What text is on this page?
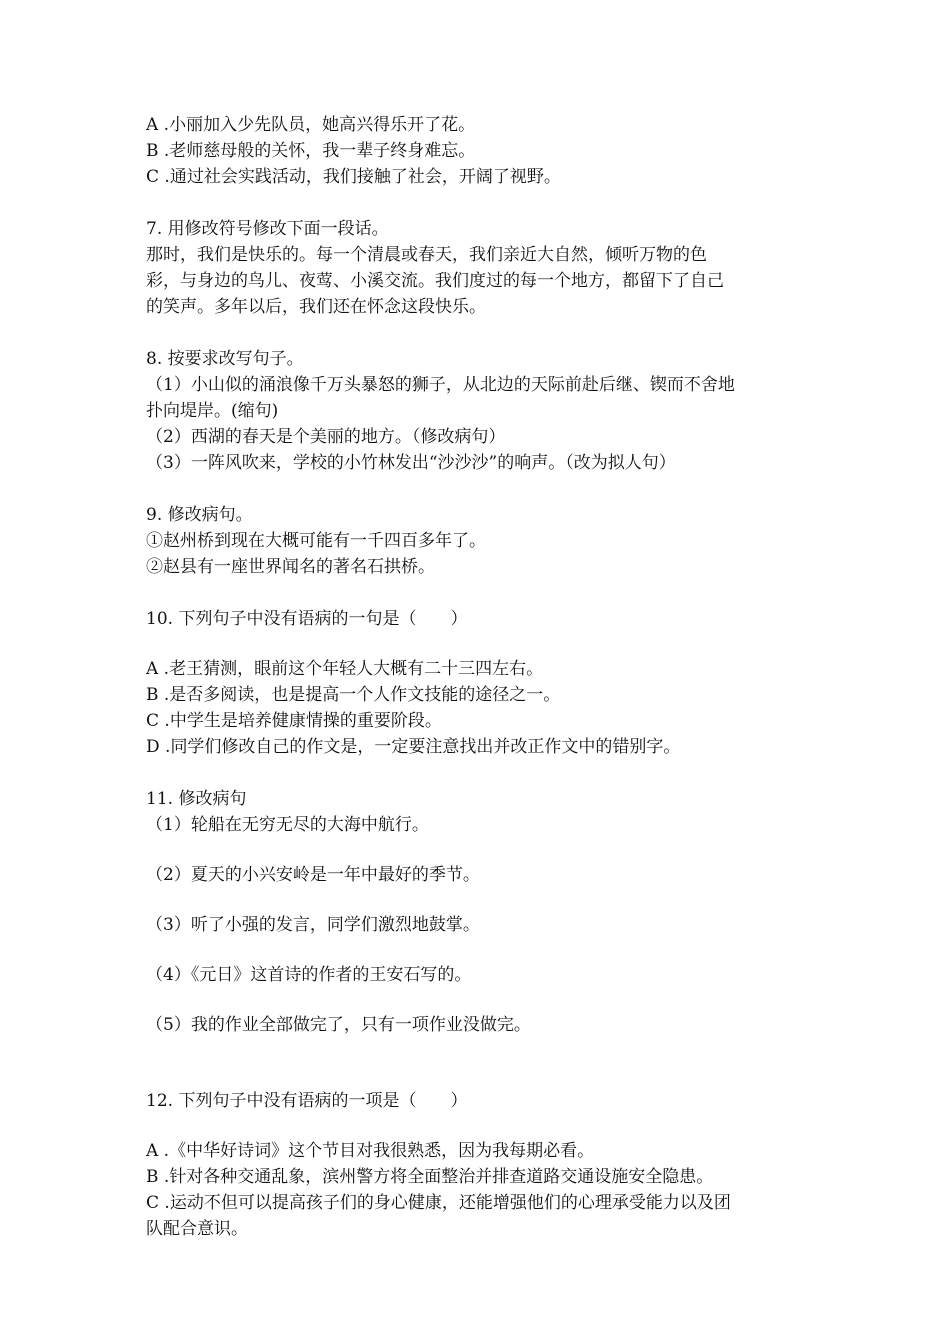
A .小丽加入少先队员，她高兴得乐开了花。
B .老师慈母般的关怀，我一辈子终身难忘。
C .通过社会实践活动，我们接触了社会，开阔了视野。
7. 用修改符号修改下面一段话。
那时，我们是快乐的。每一个清晨或春天，我们亲近大自然，倾听万物的色
彩，与身边的鸟儿、夜莺、小溪交流。我们度过的每一个地方，都留下了自己
的笑声。多年以后，我们还在怀念这段快乐。
8. 按要求改写句子。
（1）小山似的涌浪像千万头暴怒的狮子，从北边的天际前赴后继、锲而不舍地
扑向堤岸。(缩句)
（2）西湖的春天是个美丽的地方。（修改病句）
（3）一阵风吹来，学校的小竹林发出“沙沙沙”的响声。（改为拟人句）
9. 修改病句。
①赵州桥到现在大概可能有一千四百多年了。
②赵县有一座世界闻名的著名石拱桥。
10. 下列句子中没有语病的一句是（　　）
A .老王猜测，眼前这个年轻人大概有二十三四左右。
B .是否多阅读，也是提高一个人作文技能的途径之一。
C .中学生是培养健康情操的重要阶段。
D .同学们修改自己的作文是，一定要注意找出并改正作文中的错别字。
11. 修改病句
（1）轮船在无穷无尽的大海中航行。
（2）夏天的小兴安岭是一年中最好的季节。
（3）听了小强的发言，同学们激烈地鼓掌。
（4）《元日》这首诗的作者的王安石写的。
（5）我的作业全部做完了，只有一项作业没做完。
12. 下列句子中没有语病的一项是（　　）
A .《中华好诗词》这个节目对我很熟悉，因为我每期必看。
B .针对各种交通乱象，滨州警方将全面整治并排查道路交通设施安全隐患。
C .运动不但可以提高孩子们的身心健康，还能增强他们的心理承受能力以及团
队配合意识。
